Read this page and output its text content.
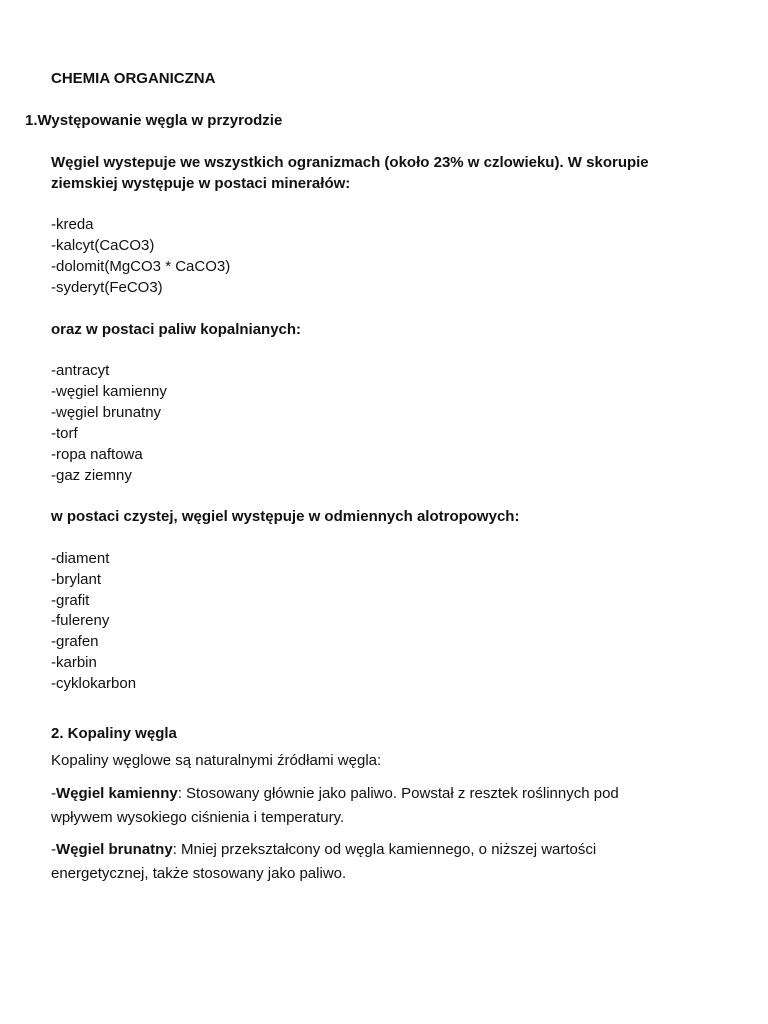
CHEMIA ORGANICZNA
1.Występowanie węgla w przyrodzie
Węgiel wystepuje we wszystkich ogranizmach (około 23% w czlowieku). W skorupie
ziemskiej występuje w postaci minerałów:
-kreda
-kalcyt(CaCO3)
-dolomit(MgCO3 * CaCO3)
-syderyt(FeCO3)
oraz w postaci paliw kopalnianych:
-antracyt
-węgiel kamienny
-węgiel brunatny
-torf
-ropa naftowa
-gaz ziemny
w postaci czystej, węgiel występuje w odmiennych alotropowych:
-diament
-brylant
-grafit
-fulereny
-grafen
-karbin
-cyklokarbon
2. Kopaliny węgla
Kopaliny węglowe są naturalnymi źródłami węgla:
-Węgiel kamienny: Stosowany głównie jako paliwo. Powstał z resztek roślinnych pod
wpływem wysokiego ciśnienia i temperatury.
-Węgiel brunatny: Mniej przekształcony od węgla kamiennego, o niższej wartości
energetycznej, także stosowany jako paliwo.
